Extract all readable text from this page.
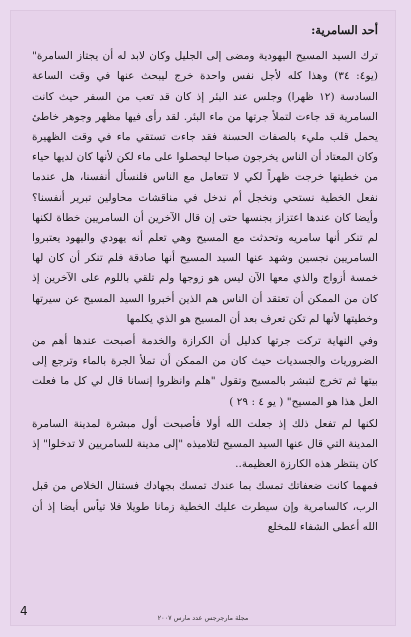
أحد السامرية:

ترك السيد المسيح اليهودية ومضى إلى الجليل وكان لابد له أن يجتاز السامرة" (يو٤: ٣٤) وهذا كله لأجل نفس واحدة خرج ليبحث عنها في وقت الساعة السادسة (١٢ ظهرا) وجلس عند البئر إذ كان قد تعب من السفر حيث كانت السامرية قد جاءت لتملأ جرتها من ماء البئر. لقد رأى فيها مظهر وجوهر خاطئ يحمل قلب مليء بالصفات الحسنة فقد جاءت تستقي ماء في وقت الظهيرة وكان المعتاد أن الناس يخرجون صباحا ليحصلوا على ماء لكن لأنها كان لديها حياء من خطيتها خرجت ظهراً لكي لا تتعامل مع الناس فلنسأل أنفسنا، هل عندما نفعل الخطية نستحي ونخجل أم ندخل في مناقشات محاولين تبرير أنفسنا؟ وأيضا كان عندها اعتزاز بجنسها حتى إن قال الآخرين أن السامريين خطاة لكنها لم تنكر أنها سامريه وتحدثت مع المسيح وهي تعلم أنه يهودي واليهود يعتبروا السامريين نجسين وشهد عنها السيد المسيح أنها صادقة فلم تنكر أن كان لها خمسة أزواج والذي معها الآن ليس هو زوجها ولم تلقي باللوم على الآخرين إذ كان من الممكن أن تعتقد أن الناس هم الذين أخبروا السيد المسيح عن سيرتها وخطيتها لأنها لم تكن تعرف بعد أن المسيح هو الذي يكلمها

وفي النهاية تركت جرتها كدليل أن الكرازة والخدمة أصبحت عندها أهم من الضروريات والجسديات حيث كان من الممكن أن تملأ الجرة بالماء وترجع إلى بيتها ثم تخرج لتبشر بالمسيح وتقول "هلم وانظروا إنسانا قال لي كل ما فعلت العل هذا هو المسيح" ( يو ٤ : ٢٩ )

لكنها لم تفعل ذلك إذ جعلت الله أولا فأصبحت أول مبشرة لمدينة السامرة المدينة التي قال عنها السيد المسيح لتلاميذه "إلى مدينة للسامريين لا تدخلوا" إذ كان ينتظر هذه الكارزة العظيمة..

فمهما كانت ضعفاتك تمسك بما عندك تمسك بجهادك فستنال الخلاص من قبل الرب، كالسامرية وإن سيطرت عليك الخطية زمانا طويلا فلا تيأس أيضا إذ أن الله أعطى الشفاء للمخلع

مجلة مارجرجس عدد مارس ٢٠٠٧
4
